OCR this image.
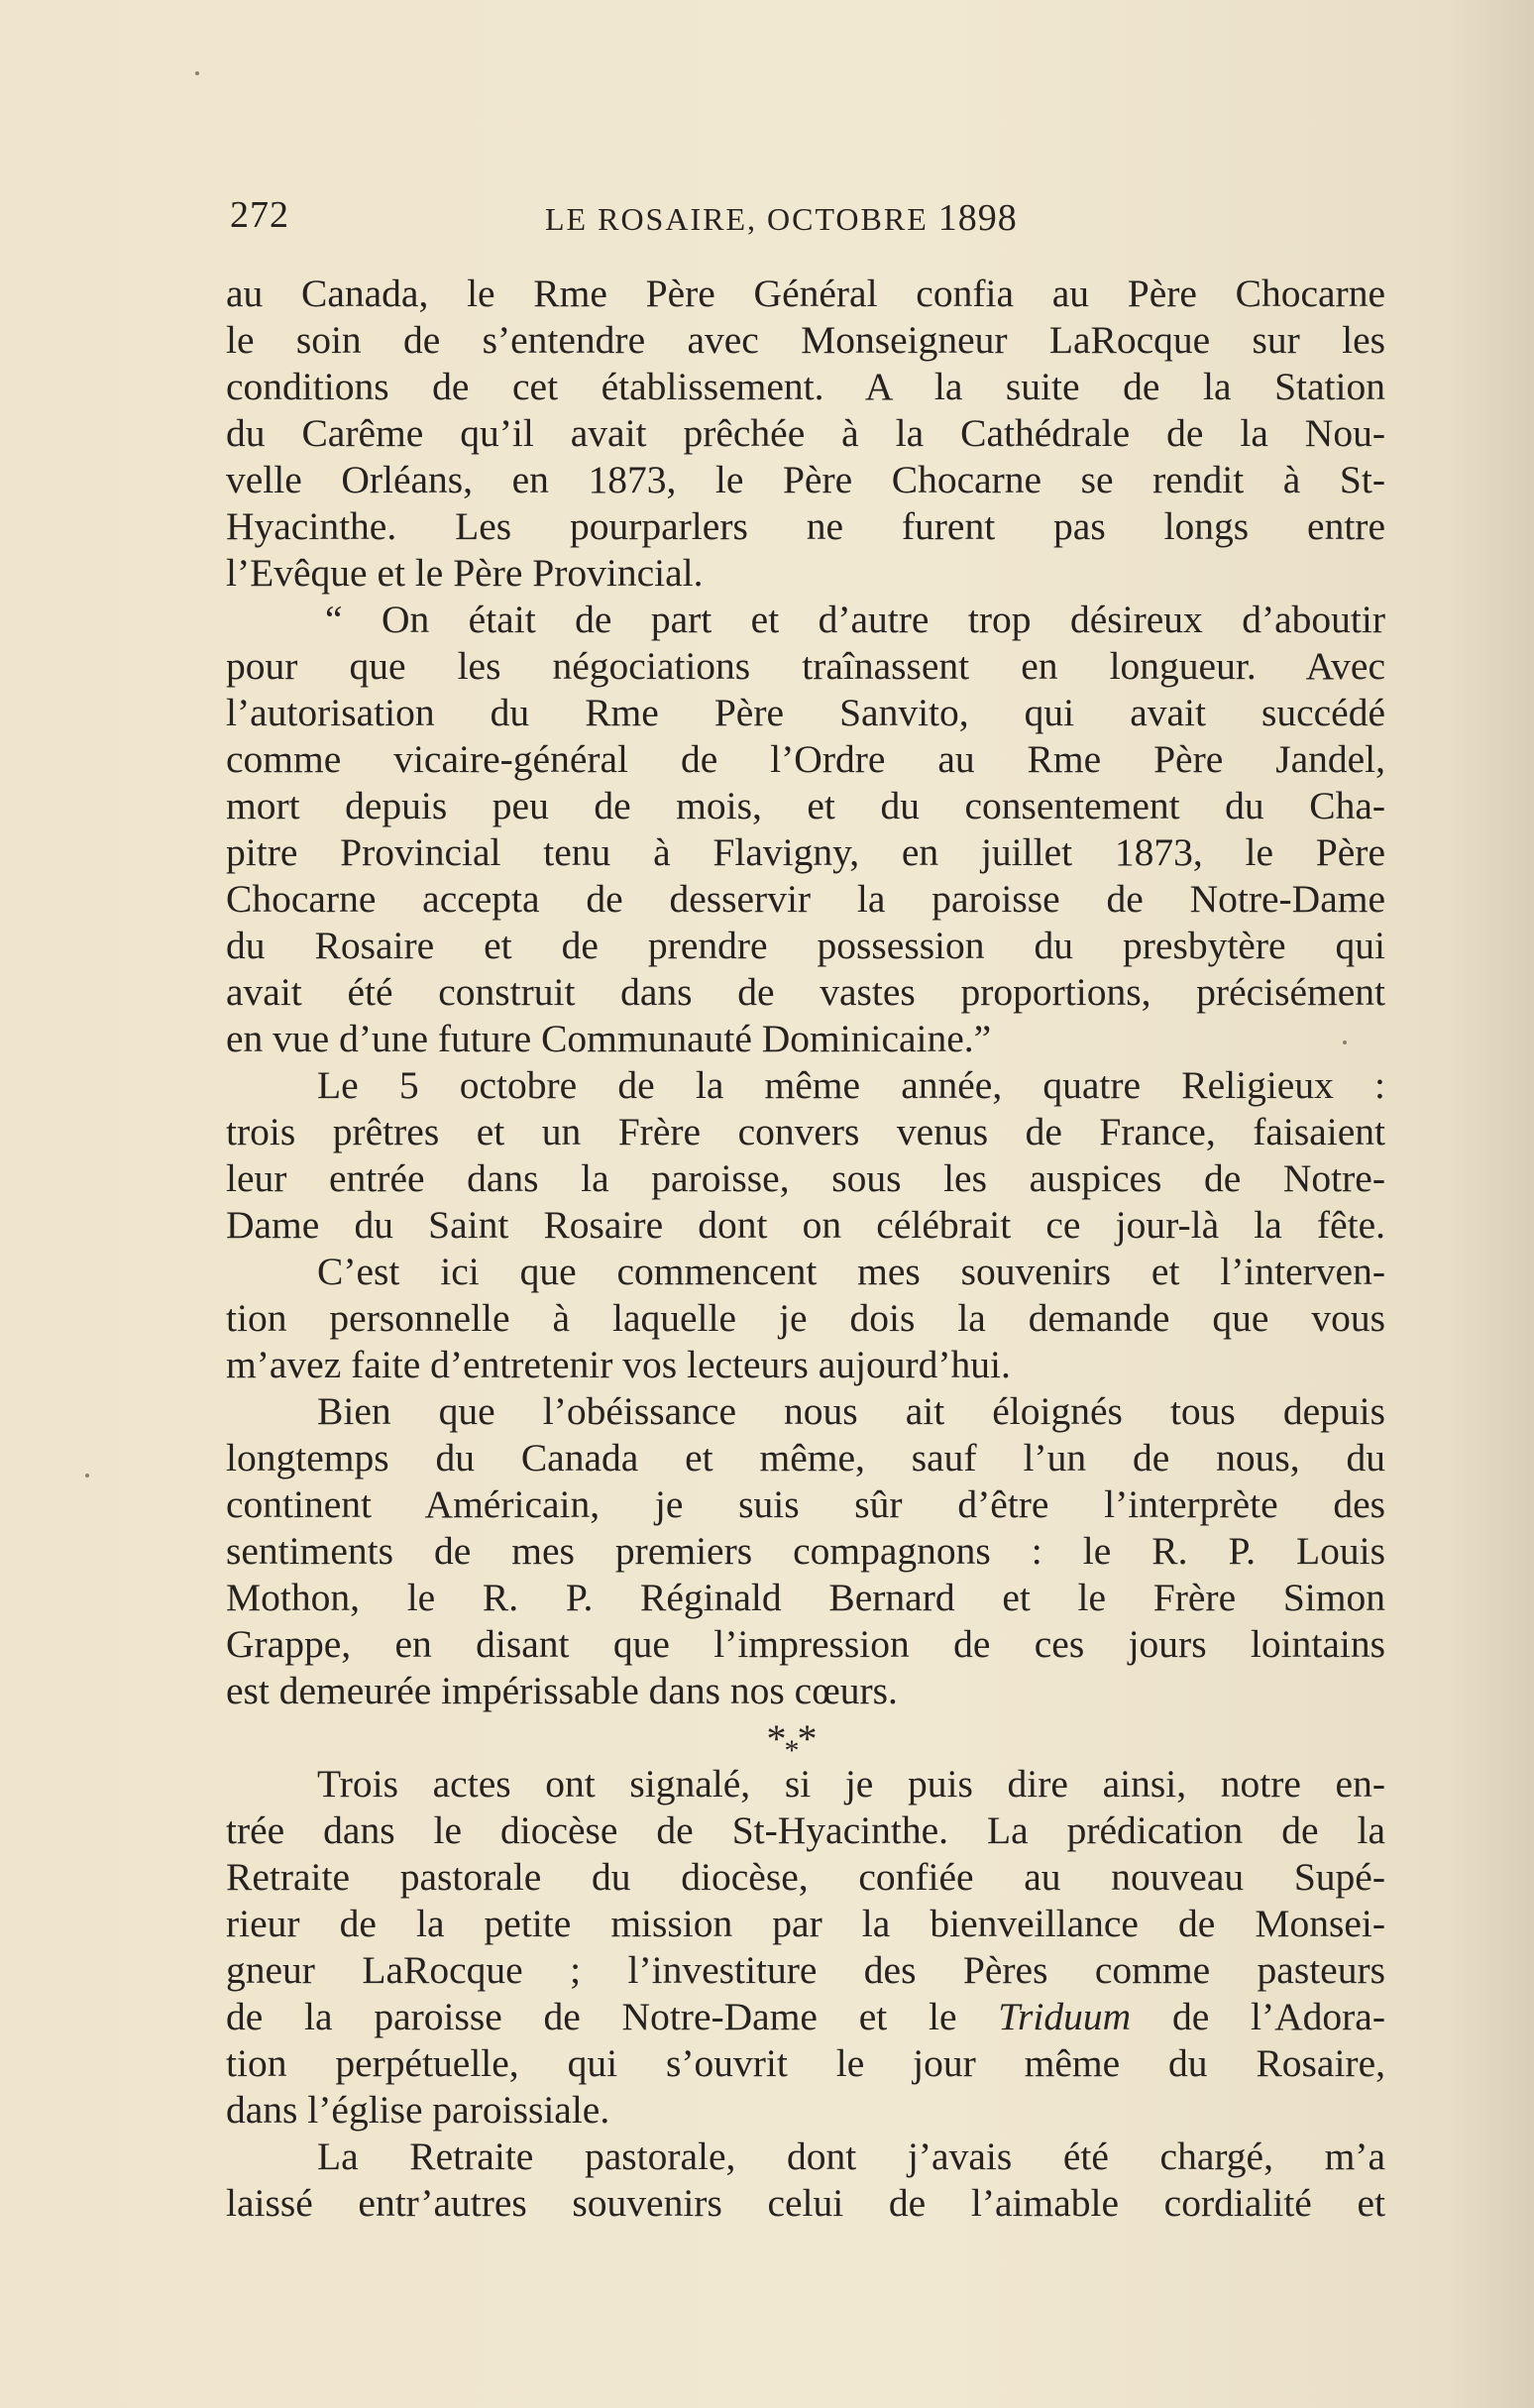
272	LE ROSAIRE, OCTOBRE 1898
au Canada, le Rme Père Général confia au Père Chocarne
le soin de s’entendre avec Monseigneur LaRocque sur les
conditions de cet établissement. A la suite de la Station
du Carême qu’il avait prêchée à la Cathédrale de la Nou-
velle Orléans, en 1873, le Père Chocarne se rendit à St-
Hyacinthe. Les pourparlers ne furent pas longs entre
l’Evêque et le Père Provincial.
“ On était de part et d’autre trop désireux d’aboutir
pour que les négociations traînassent en longueur. Avec
l’autorisation du Rme Père Sanvito, qui avait succédé
comme vicaire-général de l’Ordre au Rme Père Jandel,
mort depuis peu de mois, et du consentement du Cha-
pitre Provincial tenu à Flavigny, en juillet 1873, le Père
Chocarne accepta de desservir la paroisse de Notre-Dame
du Rosaire et de prendre possession du presbytère qui
avait été construit dans de vastes proportions, précisément
en vue d’une future Communauté Dominicaine.”
Le 5 octobre de la même année, quatre Religieux :
trois prêtres et un Frère convers venus de France, faisaient
leur entrée dans la paroisse, sous les auspices de Notre-
Dame du Saint Rosaire dont on célébrait ce jour-là la fête.
C’est ici que commencent mes souvenirs et l’interven-
tion personnelle à laquelle je dois la demande que vous
m’avez faite d’entretenir vos lecteurs aujourd’hui.
Bien que l’obéissance nous ait éloignés tous depuis
longtemps du Canada et même, sauf l’un de nous, du
continent Américain, je suis sûr d’être l’interprète des
sentiments de mes premiers compagnons : le R. P. Louis
Mothon, le R. P. Réginald Bernard et le Frère Simon
Grappe, en disant que l’impression de ces jours lointains
est demeurée impérissable dans nos cœurs.
$*_**$
Trois actes ont signalé, si je puis dire ainsi, notre en-
trée dans le diocèse de St-Hyacinthe. La prédication de la
Retraite pastorale du diocèse, confiée au nouveau Supé-
rieur de la petite mission par la bienveillance de Monsei-
gneur LaRocque ; l’investiture des Pères comme pasteurs
de la paroisse de Notre-Dame et le Triduum de l’Adora-
tion perpétuelle, qui s’ouvrit le jour même du Rosaire,
dans l’église paroissiale.
La Retraite pastorale, dont j’avais été chargé, m’a
laissé entr’autres souvenirs celui de l’aimable cordialité et
